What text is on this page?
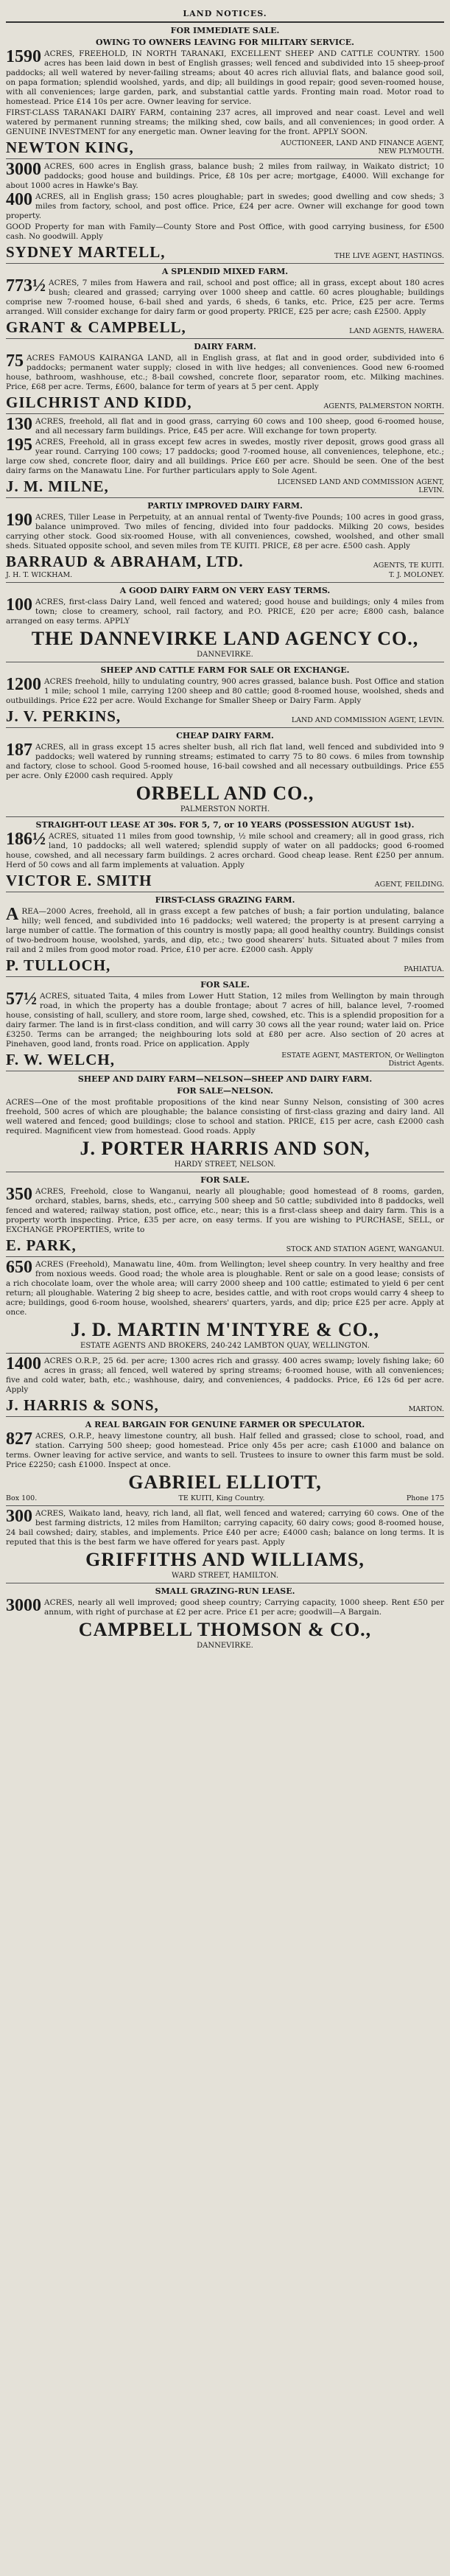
LAND NOTICES.
FOR IMMEDIATE SALE.
OWING TO OWNERS LEAVING FOR MILITARY SERVICE.

1590 ACRES, FREEHOLD, IN NORTH TARANAKI, EXCELLENT SHEEP AND CATTLE COUNTRY. 1500 acres has been laid down in best of English grasses; well fenced and subdivided into 15 sheep-proof paddocks; all well watered by never-failing streams; about 40 acres rich alluvial flats, and balance good soil, on papa formation; splendid woolshed, yards, and dip; all buildings in good repair; good seven-roomed house, with all conveniences; large garden, park, and substantial cattle yards. Fronting main road. Motor road to homestead. Price £14 10s per acre. Owner leaving for service.

FIRST-CLASS TARANAKI DAIRY FARM, containing 237 acres, all improved and near coast. Level and well watered by permanent running streams; the milking shed, cow bails, and all conveniences; in good order. A GENUINE INVESTMENT for any energetic man. Owner leaving for the front. APPLY SOON.

NEWTON KING,	AUCTIONEER, LAND AND FINANCE AGENT, NEW PLYMOUTH.

3000 ACRES, 600 acres in English grass, balance bush; 2 miles from railway, in Waikato district; 10 paddocks; good house and buildings. Price, £8 10s per acre; mortgage, £4000. Will exchange for about 1000 acres in Hawke's Bay.

400 ACRES, all in English grass; 150 acres ploughable; part in swedes; good dwelling and cow sheds; 3 miles from factory, school, and post office. Price, £24 per acre. Owner will exchange for good town property.

GOOD Property for man with Family—County Store and Post Office, with good carrying business, for £500 cash. No goodwill. Apply

SYDNEY MARTELL,	THE LIVE AGENT, HASTINGS.
A SPLENDID MIXED FARM.

773½ ACRES, 7 miles from Hawera and rail, school and post office; all in grass, except about 180 acres bush; cleared and grassed; carrying over 1000 sheep and cattle. 60 acres ploughable; buildings comprise new 7-roomed house, 6-bail shed and yards, 6 sheds, 6 tanks, etc. Price, £25 per acre. Terms arranged. Will consider exchange for dairy farm or good property. PRICE, £25 per acre; cash £2500. Apply

GRANT & CAMPBELL,	LAND AGENTS, HAWERA.
DAIRY FARM.

75 ACRES FAMOUS KAIRANGA LAND, all in English grass, at flat and in good order, subdivided into 6 paddocks; permanent water supply; closed in with live hedges; all conveniences. Good new 6-roomed house, bathroom, washhouse, etc.; 8-bail cowshed, concrete floor, separator room, etc. Milking machines. Price, £68 per acre. Terms, £600, balance for term of years at 5 per cent. Apply

GILCHRIST AND KIDD,	AGENTS, PALMERSTON NORTH.

130 ACRES, freehold, all flat and in good grass, carrying 60 cows and 100 sheep, good 6-roomed house, and all necessary farm buildings. Price, £45 per acre. Will exchange for town property.

195 ACRES, Freehold, all in grass except few acres in swedes, mostly river deposit, grows good grass all year round. Carrying 100 cows; 17 paddocks; good 7-roomed house, all conveniences, telephone, etc.; large cow shed, concrete floor, dairy and all buildings. Price £60 per acre. Should be seen. One of the best dairy farms on the Manawatu Line. For further particulars apply to Sole Agent.

J. M. MILNE,	LICENSED LAND AND COMMISSION AGENT, LEVIN.
PARTLY IMPROVED DAIRY FARM.

190 ACRES, Tiller Lease in Perpetuity, at an annual rental of Twenty-five Pounds; 100 acres in good grass, balance unimproved. Two miles of fencing, divided into four paddocks. Milking 20 cows, besides carrying other stock. Good six-roomed House, with all conveniences, cowshed, woolshed, and other small sheds. Situated opposite school, and seven miles from TE KUITI. PRICE, £8 per acre. £500 cash. Apply

BARRAUD & ABRAHAM, LTD.	AGENTS, TE KUITI.
J. H. T. WICKHAM.	T. J. MOLONEY.
A GOOD DAIRY FARM ON VERY EASY TERMS.

100 ACRES, first-class Dairy Land, well fenced and watered; good house and buildings; only 4 miles from town; close to creamery, school, rail factory, and P.O. PRICE, £20 per acre; £800 cash, balance arranged on easy terms. APPLY

THE DANNEVIRKE LAND AGENCY CO.,
DANNEVIRKE.
SHEEP AND CATTLE FARM FOR SALE OR EXCHANGE.

1200 ACRES freehold, hilly to undulating country, 900 acres grassed, balance bush. Post Office and station 1 mile; school 1 mile, carrying 1200 sheep and 80 cattle; good 8-roomed house, woolshed, sheds and outbuildings. Price £22 per acre. Would Exchange for Smaller Sheep or Dairy Farm. Apply

J. V. PERKINS,	LAND AND COMMISSION AGENT, LEVIN.
CHEAP DAIRY FARM.

187 ACRES, all in grass except 15 acres shelter bush, all rich flat land, well fenced and subdivided into 9 paddocks; well watered by running streams; estimated to carry 75 to 80 cows. 6 miles from township and factory, close to school. Good 5-roomed house, 16-bail cowshed and all necessary outbuildings. Price £55 per acre. Only £2000 cash required. Apply

ORBELL AND CO.,
PALMERSTON NORTH.
STRAIGHT-OUT LEASE AT 30s. FOR 5, 7, or 10 YEARS (POSSESSION AUGUST 1st).

186½ ACRES, situated 11 miles from good township, ½ mile school and creamery; all in good grass, rich land, 10 paddocks; all well watered; splendid supply of water on all paddocks; good 6-roomed house, cowshed, and all necessary farm buildings. 2 acres orchard. Good cheap lease. Rent £250 per annum. Herd of 50 cows and all farm implements at valuation. Apply

VICTOR E. SMITH	AGENT, FEILDING.
FIRST-CLASS GRAZING FARM.

AREA—2000 Acres, freehold, all in grass except a few patches of bush; a fair portion undulating, balance hilly; well fenced, and subdivided into 16 paddocks; well watered; the property is at present carrying a large number of cattle. The formation of this country is mostly papa; all good healthy country. Buildings consist of two-bedroom house, woolshed, yards, and dip, etc.; two good shearers' huts. Situated about 7 miles from rail and 2 miles from good motor road. Price, £10 per acre. £2000 cash. Apply

P. TULLOCH,	PAHIATUA.
FOR SALE.

57½ ACRES, situated Taita, 4 miles from Lower Hutt Station, 12 miles from Wellington by main through road, in which the property has a double frontage; about 7 acres of hill, balance level, 7-roomed house, consisting of hall, scullery, and store room, large shed, cowshed, etc. This is a splendid proposition for a dairy farmer. The land is in first-class condition, and will carry 30 cows all the year round; water laid on. Price £3250. Terms can be arranged; the neighbouring lots sold at £80 per acre. Also section of 20 acres at Pinehaven, good land, fronts road. Price on application. Apply

F. W. WELCH,	ESTATE AGENT, MASTERTON, Or Wellington District Agents.
SHEEP AND DAIRY FARM—NELSON—SHEEP AND DAIRY FARM.
FOR SALE—NELSON.

ACRES—One of the most profitable propositions of the kind near Sunny Nelson, consisting of 300 acres freehold, 500 acres of which are ploughable; the balance consisting of first-class grazing and dairy land. All well watered and fenced; good buildings; close to school and station. PRICE, £15 per acre, cash £2000 cash required. Magnificent view from homestead. Good roads. Apply

J. PORTER HARRIS AND SON,
HARDY STREET, NELSON.
FOR SALE.

350 ACRES, Freehold, close to Wanganui, nearly all ploughable; good homestead of 8 rooms, garden, orchard, stables, barns, sheds, etc., carrying 500 sheep and 50 cattle; subdivided into 8 paddocks, well fenced and watered; railway station, post office, etc., near; this is a first-class sheep and dairy farm. This is a property worth inspecting. Price, £35 per acre, on easy terms. If you are wishing to PURCHASE, SELL, or EXCHANGE PROPERTIES, write to

E. PARK,	STOCK AND STATION AGENT, WANGANUI.

650 ACRES (Freehold), Manawatu line, 40m. from Wellington; level sheep country. In very healthy and free from noxious weeds. Good road; the whole area is ploughable. Rent or sale on a good lease; consists of a rich chocolate loam, over the whole area; will carry 2000 sheep and 100 cattle; estimated to yield 6 per cent return; all ploughable. Watering 2 big sheep to acre, besides cattle, and with root crops would carry 4 sheep to acre; buildings, good 6-room house, woolshed, shearers' quarters, yards, and dip; price £25 per acre. Apply at once.

J. D. MARTIN M'INTYRE & CO.,
ESTATE AGENTS AND BROKERS, 240-242 LAMBTON QUAY, WELLINGTON.

1400 ACRES O.R.P., 25 6d. per acre; 1300 acres rich and grassy. 400 acres swamp; lovely fishing lake; 60 acres in grass; all fenced, well watered by spring streams; 6-roomed house, with all conveniences; five and cold water, bath, etc.; washhouse, dairy, and conveniences, 4 paddocks. Price, £6 12s 6d per acre. Apply

J. HARRIS & SONS,	MARTON.
A REAL BARGAIN FOR GENUINE FARMER OR SPECULATOR.

827 ACRES, O.R.P., heavy limestone country, all bush. Half felled and grassed; close to school, road, and station. Carrying 500 sheep; good homestead. Price only 45s per acre; cash £1000 and balance on terms. Owner leaving for active service, and wants to sell. Trustees to insure to owner this farm must be sold. Price £2250; cash £1000. Inspect at once.

GABRIEL ELLIOTT,
Box 100.	TE KUITI, King Country.	Phone 175

300 ACRES, Waikato land, heavy, rich land, all flat, well fenced and watered; carrying 60 cows. One of the best farming districts, 12 miles from Hamilton; carrying capacity, 60 dairy cows; good 8-roomed house, 24 bail cowshed; dairy, stables, and implements. Price £40 per acre; £4000 cash; balance on long terms. It is reputed that this is the best farm we have offered for years past. Apply

GRIFFITHS AND WILLIAMS,
WARD STREET, HAMILTON.
SMALL GRAZING-RUN LEASE.

3000 ACRES, nearly all well improved; good sheep country; Carrying capacity, 1000 sheep. Rent £50 per annum, with right of purchase at £2 per acre. Price £1 per acre; goodwill—A Bargain.

CAMPBELL THOMSON & CO.,
DANNEVIRKE.
